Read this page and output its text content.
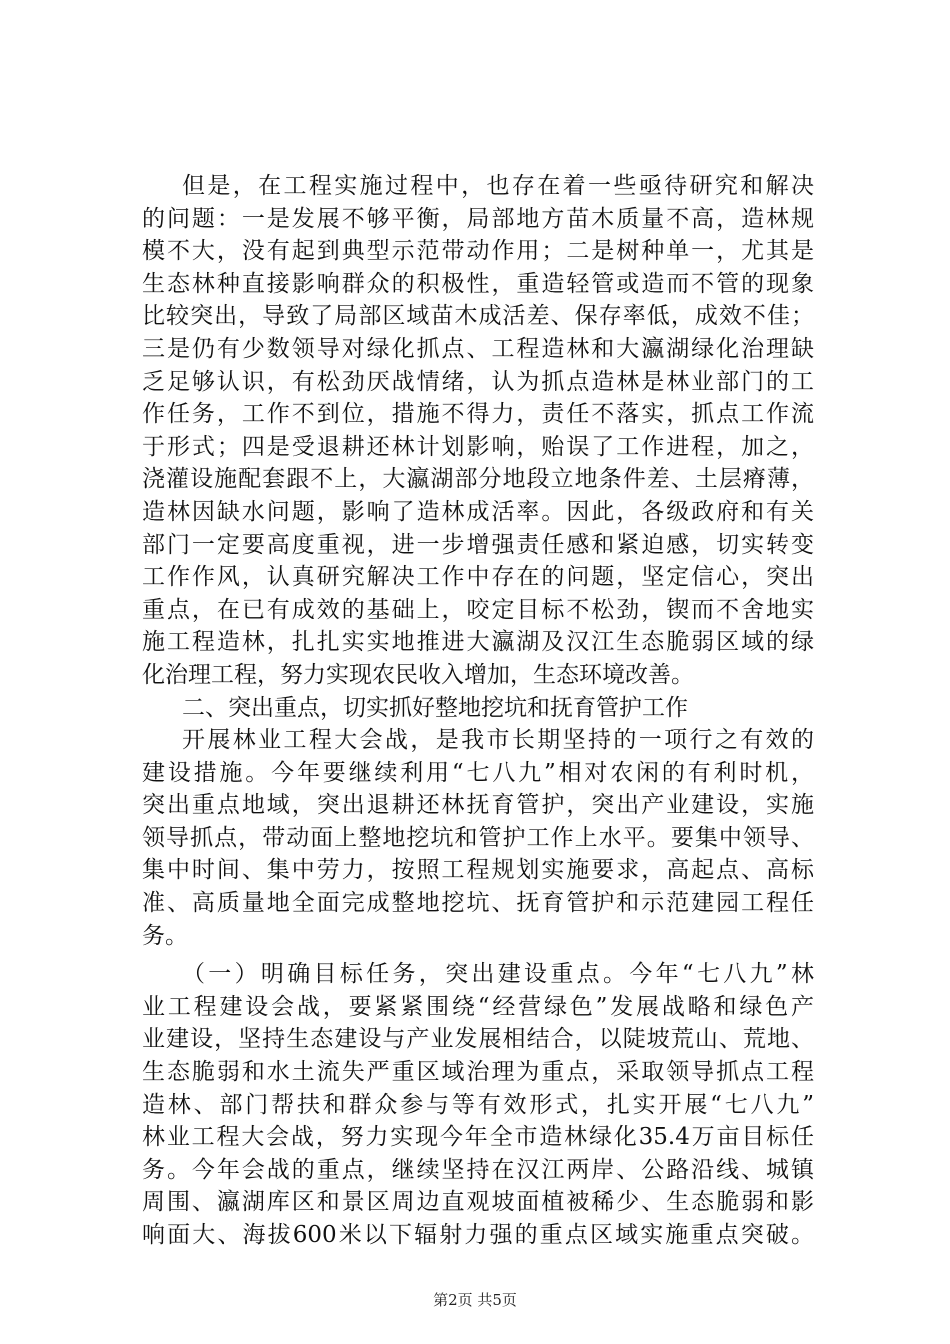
但是，在工程实施过程中，也存在着一些亟待研究和解决
的问题：一是发展不够平衡，局部地方苗木质量不高，造林规
模不大，没有起到典型示范带动作用；二是树种单一，尤其是
生态林种直接影响群众的积极性，重造轻管或造而不管的现象
比较突出，导致了局部区域苗木成活差、保存率低，成效不佳；
三是仍有少数领导对绿化抓点、工程造林和大瀛湖绿化治理缺
乏足够认识，有松劲厌战情绪，认为抓点造林是林业部门的工
作任务，工作不到位，措施不得力，责任不落实，抓点工作流
于形式；四是受退耕还林计划影响，贻误了工作进程，加之，
浇灌设施配套跟不上，大瀛湖部分地段立地条件差、土层瘠薄，
造林因缺水问题，影响了造林成活率。因此，各级政府和有关
部门一定要高度重视，进一步增强责任感和紧迫感，切实转变
工作作风，认真研究解决工作中存在的问题，坚定信心，突出
重点，在已有成效的基础上，咬定目标不松劲，锲而不舍地实
施工程造林，扎扎实实地推进大瀛湖及汉江生态脆弱区域的绿
化治理工程，努力实现农民收入增加，生态环境改善。
二、突出重点，切实抓好整地挖坑和抚育管护工作
开展林业工程大会战，是我市长期坚持的一项行之有效的
建设措施。今年要继续利用“七八九”相对农闲的有利时机，
突出重点地域，突出退耕还林抚育管护，突出产业建设，实施
领导抓点，带动面上整地挖坑和管护工作上水平。要集中领导、
集中时间、集中劳力，按照工程规划实施要求，高起点、高标
准、高质量地全面完成整地挖坑、抚育管护和示范建园工程任
务。
（一）明确目标任务，突出建设重点。今年“七八九”林
业工程建设会战，要紧紧围绕“经营绿色”发展战略和绿色产
业建设，坚持生态建设与产业发展相结合，以陡坡荒山、荒地、
生态脆弱和水土流失严重区域治理为重点，采取领导抓点工程
造林、部门帮扶和群众参与等有效形式，扎实开展“七八九”
林业工程大会战，努力实现今年全市造林绿化35.4万亩目标任
务。今年会战的重点，继续坚持在汉江两岸、公路沿线、城镇
周围、瀛湖库区和景区周边直观坡面植被稀少、生态脆弱和影
响面大、海拔600米以下辐射力强的重点区域实施重点突破。
第2页 共5页
